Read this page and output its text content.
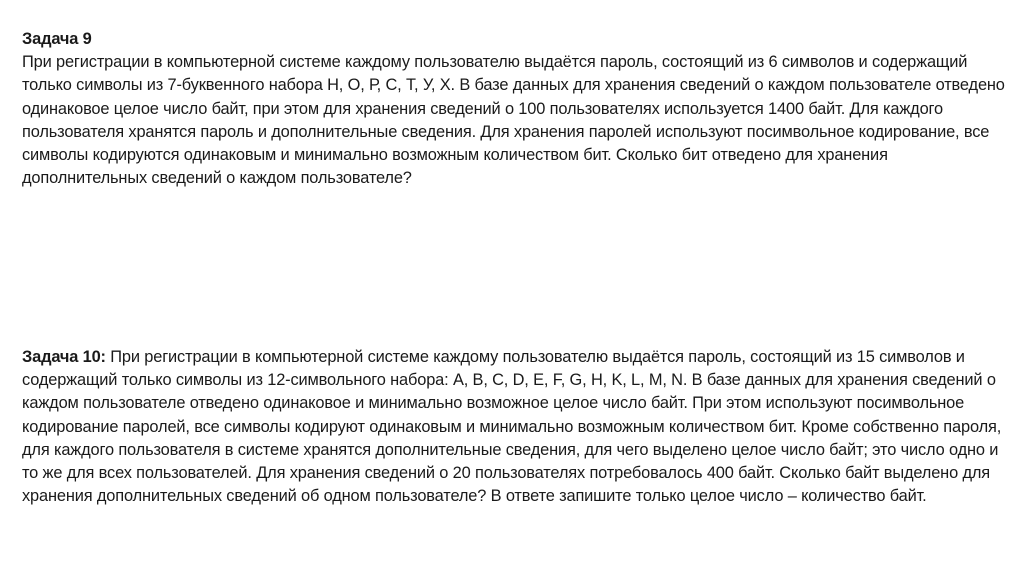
Задача 9
При регистрации в компьютерной системе каждому пользователю выдаётся пароль, состоящий из 6 символов и содержащий только символы из 7-буквенного набора Н, О, Р, С, Т, У, Х. В базе данных для хранения сведений о каждом пользователе отведено одинаковое целое число байт, при этом для хранения сведений о 100 пользователях используется 1400 байт. Для каждого пользователя хранятся пароль и дополнительные сведения. Для хранения паролей используют посимвольное кодирование, все символы кодируются одинаковым и минимально возможным количеством бит. Сколько бит отведено для хранения дополнительных сведений о каждом пользователе?
Задача 10: При регистрации в компьютерной системе каждому пользователю выдаётся пароль, состоящий из 15 символов и содержащий только символы из 12-символьного набора: A, B, C, D, E, F, G, H, K, L, M, N. В базе данных для хранения сведений о каждом пользователе отведено одинаковое и минимально возможное целое число байт. При этом используют посимвольное кодирование паролей, все символы кодируют одинаковым и минимально возможным количеством бит. Кроме собственно пароля, для каждого пользователя в системе хранятся дополнительные сведения, для чего выделено целое число байт; это число одно и то же для всех пользователей. Для хранения сведений о 20 пользователях потребовалось 400 байт. Сколько байт выделено для хранения дополнительных сведений об одном пользователе? В ответе запишите только целое число – количество байт.
